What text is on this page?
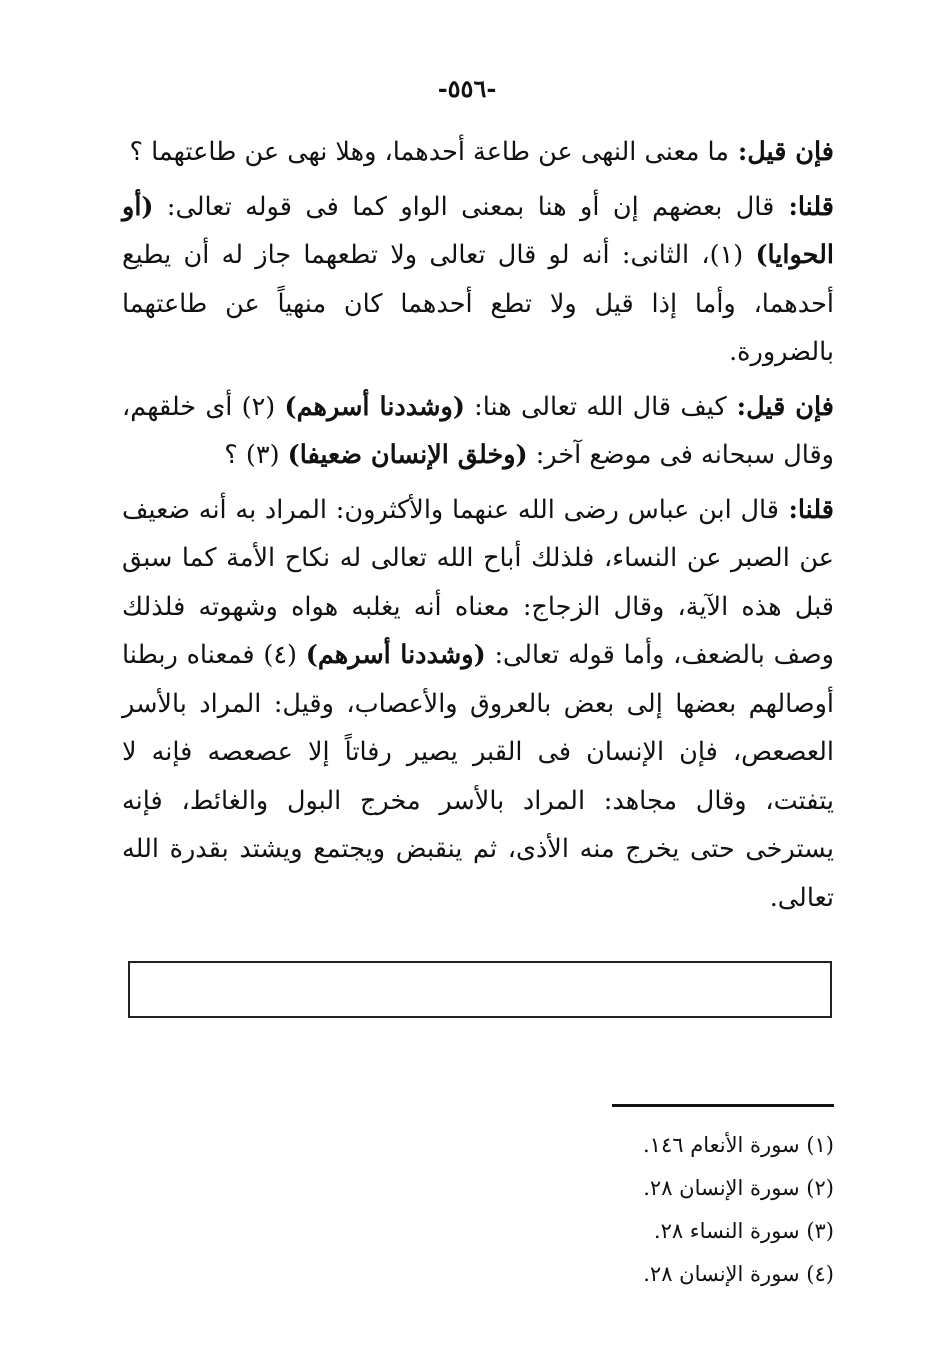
-٥٥٦-

فإن قيل: ما معنى النهى عن طاعة أحدهما، وهلا نهى عن طاعتهما ؟

قلنا: قال بعضهم إن أو هنا بمعنى الواو كما فى قوله تعالى: (أو الحوايا) (١)، الثانى: أنه لو قال تعالى ولا تطعهما جاز له أن يطيع أحدهما، وأما إذا قيل ولا تطع أحدهما كان منهياً عن طاعتهما بالضرورة.

فإن قيل: كيف قال الله تعالى هنا: (وشددنا أسرهم) (٢) أى خلقهم، وقال سبحانه فى موضع آخر: (وخلق الإنسان ضعيفا) (٣) ؟

قلنا: قال ابن عباس رضى الله عنهما والأكثرون: المراد به أنه ضعيف عن الصبر عن النساء، فلذلك أباح الله تعالى له نكاح الأمة كما سبق قبل هذه الآية، وقال الزجاج: معناه أنه يغلبه هواه وشهوته فلذلك وصف بالضعف، وأما قوله تعالى: (وشددنا أسرهم) (٤) فمعناه ربطنا أوصالهم بعضها إلى بعض بالعروق والأعصاب، وقيل: المراد بالأسر العصعص، فإن الإنسان فى القبر يصير رفاتاً إلا عصعصه فإنه لا يتفتت، وقال مجاهد: المراد بالأسر مخرج البول والغائط، فإنه يسترخى حتى يخرج منه الأذى، ثم ينقبض ويجتمع ويشتد بقدرة الله تعالى.

(١) سورة الأنعام ١٤٦.
(٢) سورة الإنسان ٢٨.
(٣) سورة النساء ٢٨.
(٤) سورة الإنسان ٢٨.
